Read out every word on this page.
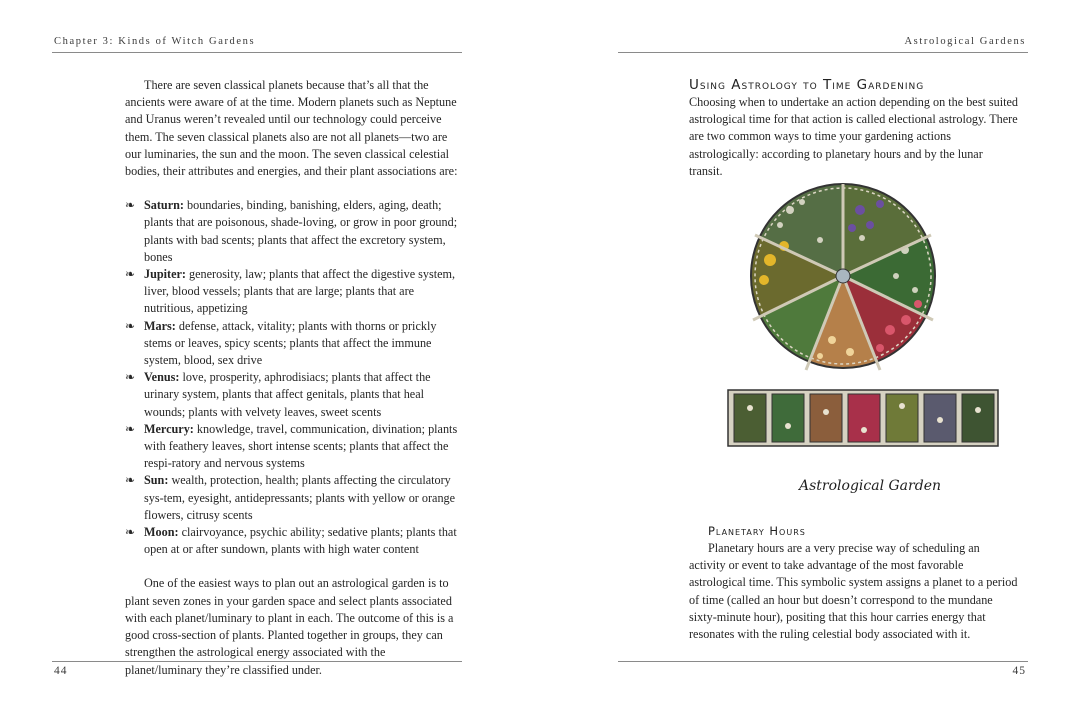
Chapter 3: Kinds of Witch Gardens

There are seven classical planets because that’s all that the ancients were aware of at the time. Modern planets such as Neptune and Uranus weren’t revealed until our technology could perceive them. The seven classical planets also are not all planets—two are our luminaries, the sun and the moon. The seven classical celestial bodies, their attributes and energies, and their plant associations are:

❧ Saturn: boundaries, binding, banishing, elders, aging, death; plants that are poisonous, shade-loving, or grow in poor ground; plants with bad scents; plants that affect the excretory system, bones
❧ Jupiter: generosity, law; plants that affect the digestive system, liver, blood vessels; plants that are large; plants that are nutritious, appetizing
❧ Mars: defense, attack, vitality; plants with thorns or prickly stems or leaves, spicy scents; plants that affect the immune system, blood, sex drive
❧ Venus: love, prosperity, aphrodisiacs; plants that affect the urinary system, plants that affect genitals, plants that heal wounds; plants with velvety leaves, sweet scents
❧ Mercury: knowledge, travel, communication, divination; plants with feathery leaves, short intense scents; plants that affect the respi-ratory and nervous systems
❧ Sun: wealth, protection, health; plants affecting the circulatory sys-tem, eyesight, antidepressants; plants with yellow or orange flowers, citrusy scents
❧ Moon: clairvoyance, psychic ability; sedative plants; plants that open at or after sundown, plants with high water content

One of the easiest ways to plan out an astrological garden is to plant seven zones in your garden space and select plants associated with each planet/luminary to plant in each. The outcome of this is a good cross-section of plants. Planted together in groups, they can strengthen the astrological energy associated with the planet/luminary they’re classified under.

44
Astrological Gardens
Using Astrology to Time Gardening

Choosing when to undertake an action depending on the best suited astrological time for that action is called electional astrology. There are two common ways to time your gardening actions astrologically: according to planetary hours and by the lunar transit.

Astrological Garden
Planetary Hours

Planetary hours are a very precise way of scheduling an activity or event to take advantage of the most favorable astrological time. This symbolic system assigns a planet to a period of time (called an hour but doesn’t correspond to the mundane sixty-minute hour), positing that this hour carries energy that resonates with the ruling celestial body associated with it.

45
